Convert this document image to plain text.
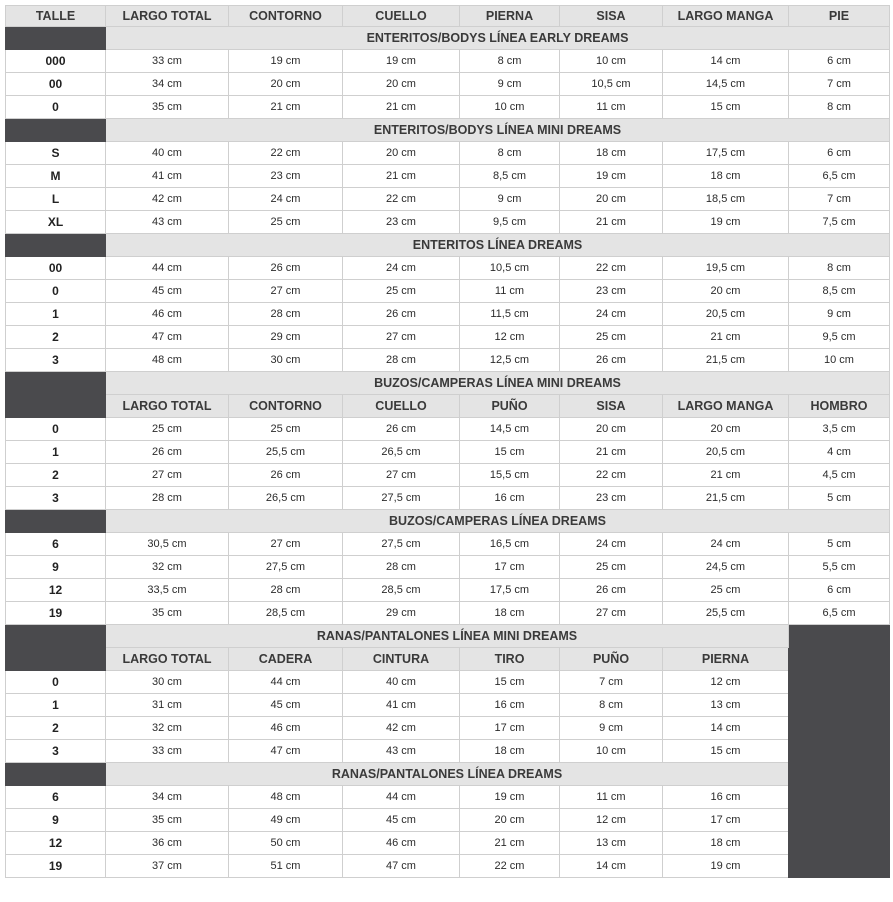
TALLE	LARGO TOTAL	CONTORNO	CUELLO	PIERNA	SISA	LARGO MANGA	PIE
	ENTERITOS/BODYS LÍNEA EARLY DREAMS						
000	33 cm	19 cm	19 cm	8 cm	10 cm	14 cm	6 cm
00	34 cm	20 cm	20 cm	9 cm	10,5 cm	14,5 cm	7 cm
0	35 cm	21 cm	21 cm	10 cm	11 cm	15 cm	8 cm
	ENTERITOS/BODYS LÍNEA MINI DREAMS						
S	40 cm	22 cm	20 cm	8 cm	18 cm	17,5 cm	6 cm
M	41 cm	23 cm	21 cm	8,5 cm	19 cm	18 cm	6,5 cm
L	42 cm	24 cm	22 cm	9 cm	20 cm	18,5 cm	7 cm
XL	43 cm	25 cm	23 cm	9,5 cm	21 cm	19 cm	7,5 cm
	ENTERITOS LÍNEA DREAMS						
00	44 cm	26 cm	24 cm	10,5 cm	22 cm	19,5 cm	8 cm
0	45 cm	27 cm	25 cm	11 cm	23 cm	20 cm	8,5 cm
1	46 cm	28 cm	26 cm	11,5 cm	24 cm	20,5 cm	9 cm
2	47 cm	29 cm	27 cm	12 cm	25 cm	21 cm	9,5 cm
3	48 cm	30 cm	28 cm	12,5 cm	26 cm	21,5 cm	10 cm
	BUZOS/CAMPERAS LÍNEA MINI DREAMS						
	LARGO TOTAL	CONTORNO	CUELLO	PUÑO	SISA	LARGO MANGA	HOMBRO
0	25 cm	25 cm	26 cm	14,5 cm	20 cm	20 cm	3,5 cm
1	26 cm	25,5 cm	26,5 cm	15 cm	21 cm	20,5 cm	4 cm
2	27 cm	26 cm	27 cm	15,5 cm	22 cm	21 cm	4,5 cm
3	28 cm	26,5 cm	27,5 cm	16 cm	23 cm	21,5 cm	5 cm
	BUZOS/CAMPERAS LÍNEA DREAMS						
6	30,5 cm	27 cm	27,5 cm	16,5 cm	24 cm	24 cm	5 cm
9	32 cm	27,5 cm	28 cm	17 cm	25 cm	24,5 cm	5,5 cm
12	33,5 cm	28 cm	28,5 cm	17,5 cm	26 cm	25 cm	6 cm
19	35 cm	28,5 cm	29 cm	18 cm	27 cm	25,5 cm	6,5 cm
	RANAS/PANTALONES LÍNEA MINI DREAMS						
	LARGO TOTAL	CADERA	CINTURA	TIRO	PUÑO	PIERNA	
0	30 cm	44 cm	40 cm	15 cm	7 cm	12 cm	
1	31 cm	45 cm	41 cm	16 cm	8 cm	13 cm	
2	32 cm	46 cm	42 cm	17 cm	9 cm	14 cm	
3	33 cm	47 cm	43 cm	18 cm	10 cm	15 cm	
	RANAS/PANTALONES LÍNEA DREAMS						
6	34 cm	48 cm	44 cm	19 cm	11 cm	16 cm	
9	35 cm	49 cm	45 cm	20 cm	12 cm	17 cm	
12	36 cm	50 cm	46 cm	21 cm	13 cm	18 cm	
19	37 cm	51 cm	47 cm	22 cm	14 cm	19 cm	
